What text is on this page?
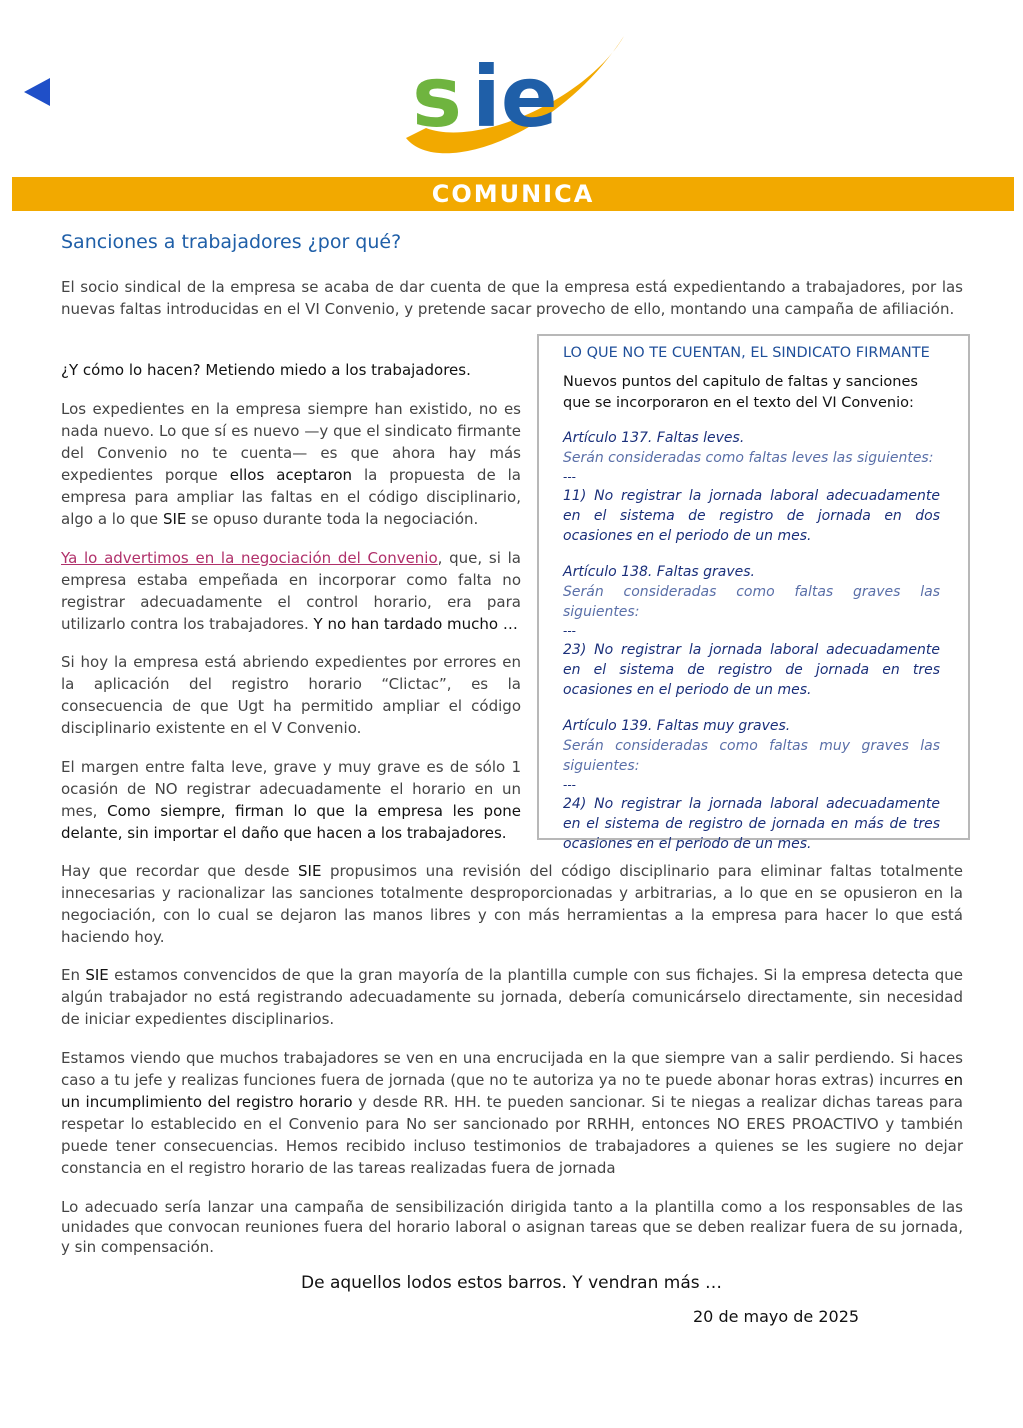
s ie
COMUNICA
Sanciones a trabajadores ¿por qué?

El socio sindical de la empresa se acaba de dar cuenta de que la empresa está expedientando a trabajadores, por las nuevas faltas introducidas en el VI Convenio, y pretende sacar provecho de ello, montando una campaña de afiliación.

¿Y cómo lo hacen? Metiendo miedo a los trabajadores.

Los expedientes en la empresa siempre han existido, no es nada nuevo. Lo que sí es nuevo —y que el sindicato firmante del Convenio no te cuenta— es que ahora hay más expedientes porque ellos aceptaron la propuesta de la empresa para ampliar las faltas en el código disciplinario, algo a lo que SIE se opuso durante toda la negociación.

Ya lo advertimos en la negociación del Convenio, que, si la empresa estaba empeñada en incorporar como falta no registrar adecuadamente el control horario, era para utilizarlo contra los trabajadores. Y no han tardado mucho …

Si hoy la empresa está abriendo expedientes por errores en la aplicación del registro horario “Clictac”, es la consecuencia de que Ugt ha permitido ampliar el código disciplinario existente en el V Convenio.

El margen entre falta leve, grave y muy grave es de sólo 1 ocasión de NO registrar adecuadamente el horario en un mes, Como siempre, firman lo que la empresa les pone delante, sin importar el daño que hacen a los trabajadores.

LO QUE NO TE CUENTAN, EL SINDICATO FIRMANTE

Nuevos puntos del capitulo de faltas y sanciones que se incorporaron en el texto del VI Convenio:

Artículo 137. Faltas leves.

Serán consideradas como faltas leves las siguientes:

---

11) No registrar la jornada laboral adecuadamente en el sistema de registro de jornada en dos ocasiones en el periodo de un mes.

Artículo 138. Faltas graves.

Serán consideradas como faltas graves las siguientes:

---

23) No registrar la jornada laboral adecuadamente en el sistema de registro de jornada en tres ocasiones en el periodo de un mes.

Artículo 139. Faltas muy graves.

Serán consideradas como faltas muy graves las siguientes:

---

24) No registrar la jornada laboral adecuadamente en el sistema de registro de jornada en más de tres ocasiones en el periodo de un mes.

Hay que recordar que desde SIE propusimos una revisión del código disciplinario para eliminar faltas totalmente innecesarias y racionalizar las sanciones totalmente desproporcionadas y arbitrarias, a lo que en se opusieron en la negociación, con lo cual se dejaron las manos libres y con más herramientas a la empresa para hacer lo que está haciendo hoy.

En SIE estamos convencidos de que la gran mayoría de la plantilla cumple con sus fichajes. Si la empresa detecta que algún trabajador no está registrando adecuadamente su jornada, debería comunicárselo directamente, sin necesidad de iniciar expedientes disciplinarios.

Estamos viendo que muchos trabajadores se ven en una encrucijada en la que siempre van a salir perdiendo. Si haces caso a tu jefe y realizas funciones fuera de jornada (que no te autoriza ya no te puede abonar horas extras) incurres en un incumplimiento del registro horario y desde RR. HH. te pueden sancionar. Si te niegas a realizar dichas tareas para respetar lo establecido en el Convenio para No ser sancionado por RRHH, entonces NO ERES PROACTIVO y también puede tener consecuencias. Hemos recibido incluso testimonios de trabajadores a quienes se les sugiere no dejar constancia en el registro horario de las tareas realizadas fuera de jornada

Lo adecuado sería lanzar una campaña de sensibilización dirigida tanto a la plantilla como a los responsables de las unidades que convocan reuniones fuera del horario laboral o asignan tareas que se deben realizar fuera de su jornada, y sin compensación.

De aquellos lodos estos barros. Y vendran más …
20 de mayo de 2025
